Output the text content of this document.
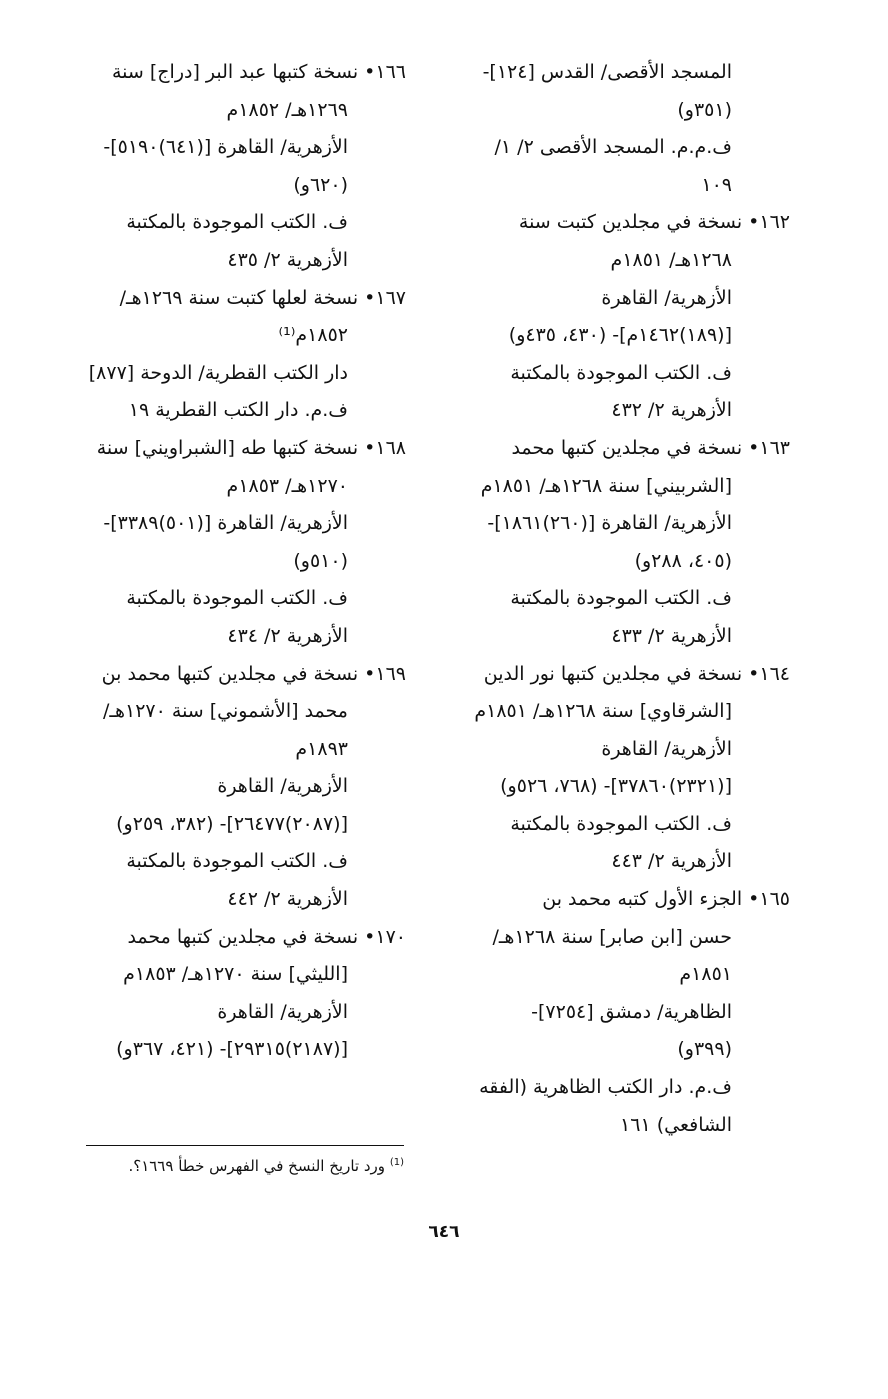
المسجد الأقصى/ القدس [١٢٤]-
(٣٥١و)
ف.م.م. المسجد الأقصى ٢/ ١/
١٠٩
١٦٢• نسخة في مجلدين كتبت سنة
١٢٦٨هـ/ ١٨٥١م
الأزهرية/ القاهرة
[(١٨٩)١٤٦٢م]- (٤٣٠، ٤٣٥و)
ف. الكتب الموجودة بالمكتبة
الأزهرية ٢/ ٤٣٢
١٦٣• نسخة في مجلدين كتبها محمد
[الشربيني] سنة ١٢٦٨هـ/ ١٨٥١م
الأزهرية/ القاهرة [(٢٦٠)١٨٦١]-
(٤٠٥، ٢٨٨و)
ف. الكتب الموجودة بالمكتبة
الأزهرية ٢/ ٤٣٣
١٦٤• نسخة في مجلدين كتبها نور الدين
[الشرقاوي] سنة ١٢٦٨هـ/ ١٨٥١م
الأزهرية/ القاهرة
[(٢٣٢١)٣٧٨٦٠]- (٧٦٨، ٥٢٦و)
ف. الكتب الموجودة بالمكتبة
الأزهرية ٢/ ٤٤٣
١٦٥• الجزء الأول كتبه محمد بن
حسن [ابن صابر] سنة ١٢٦٨هـ/
١٨٥١م
الظاهرية/ دمشق [٧٢٥٤]-
(٣٩٩و)
ف.م. دار الكتب الظاهرية (الفقه
الشافعي) ١٦١
١٦٦• نسخة كتبها عبد البر [دراج] سنة
١٢٦٩هـ/ ١٨٥٢م
الأزهرية/ القاهرة [(٦٤١)٥١٩٠]-
(٦٢٠و)
ف. الكتب الموجودة بالمكتبة
الأزهرية ٢/ ٤٣٥
١٦٧• نسخة لعلها كتبت سنة ١٢٦٩هـ/
١٨٥٢م⁽¹⁾
دار الكتب القطرية/ الدوحة [٨٧٧]
ف.م. دار الكتب القطرية ١٩
١٦٨• نسخة كتبها طه [الشبراويني] سنة
١٢٧٠هـ/ ١٨٥٣م
الأزهرية/ القاهرة [(٥٠١)٣٣٨٩]-
(٥١٠و)
ف. الكتب الموجودة بالمكتبة
الأزهرية ٢/ ٤٣٤
١٦٩• نسخة في مجلدين كتبها محمد بن
محمد [الأشموني] سنة ١٢٧٠هـ/
١٨٩٣م
الأزهرية/ القاهرة
[(٢٠٨٧)٢٦٤٧٧]- (٣٨٢، ٢٥٩و)
ف. الكتب الموجودة بالمكتبة
الأزهرية ٢/ ٤٤٢
١٧٠• نسخة في مجلدين كتبها محمد
[الليثي] سنة ١٢٧٠هـ/ ١٨٥٣م
الأزهرية/ القاهرة
[(٢١٨٧)٢٩٣١٥]- (٤٢١، ٣٦٧و)
$^{(1)}$ ورد تاريخ النسخ في الفهرس خطأ ١٦٦٩؟.
٦٤٦
